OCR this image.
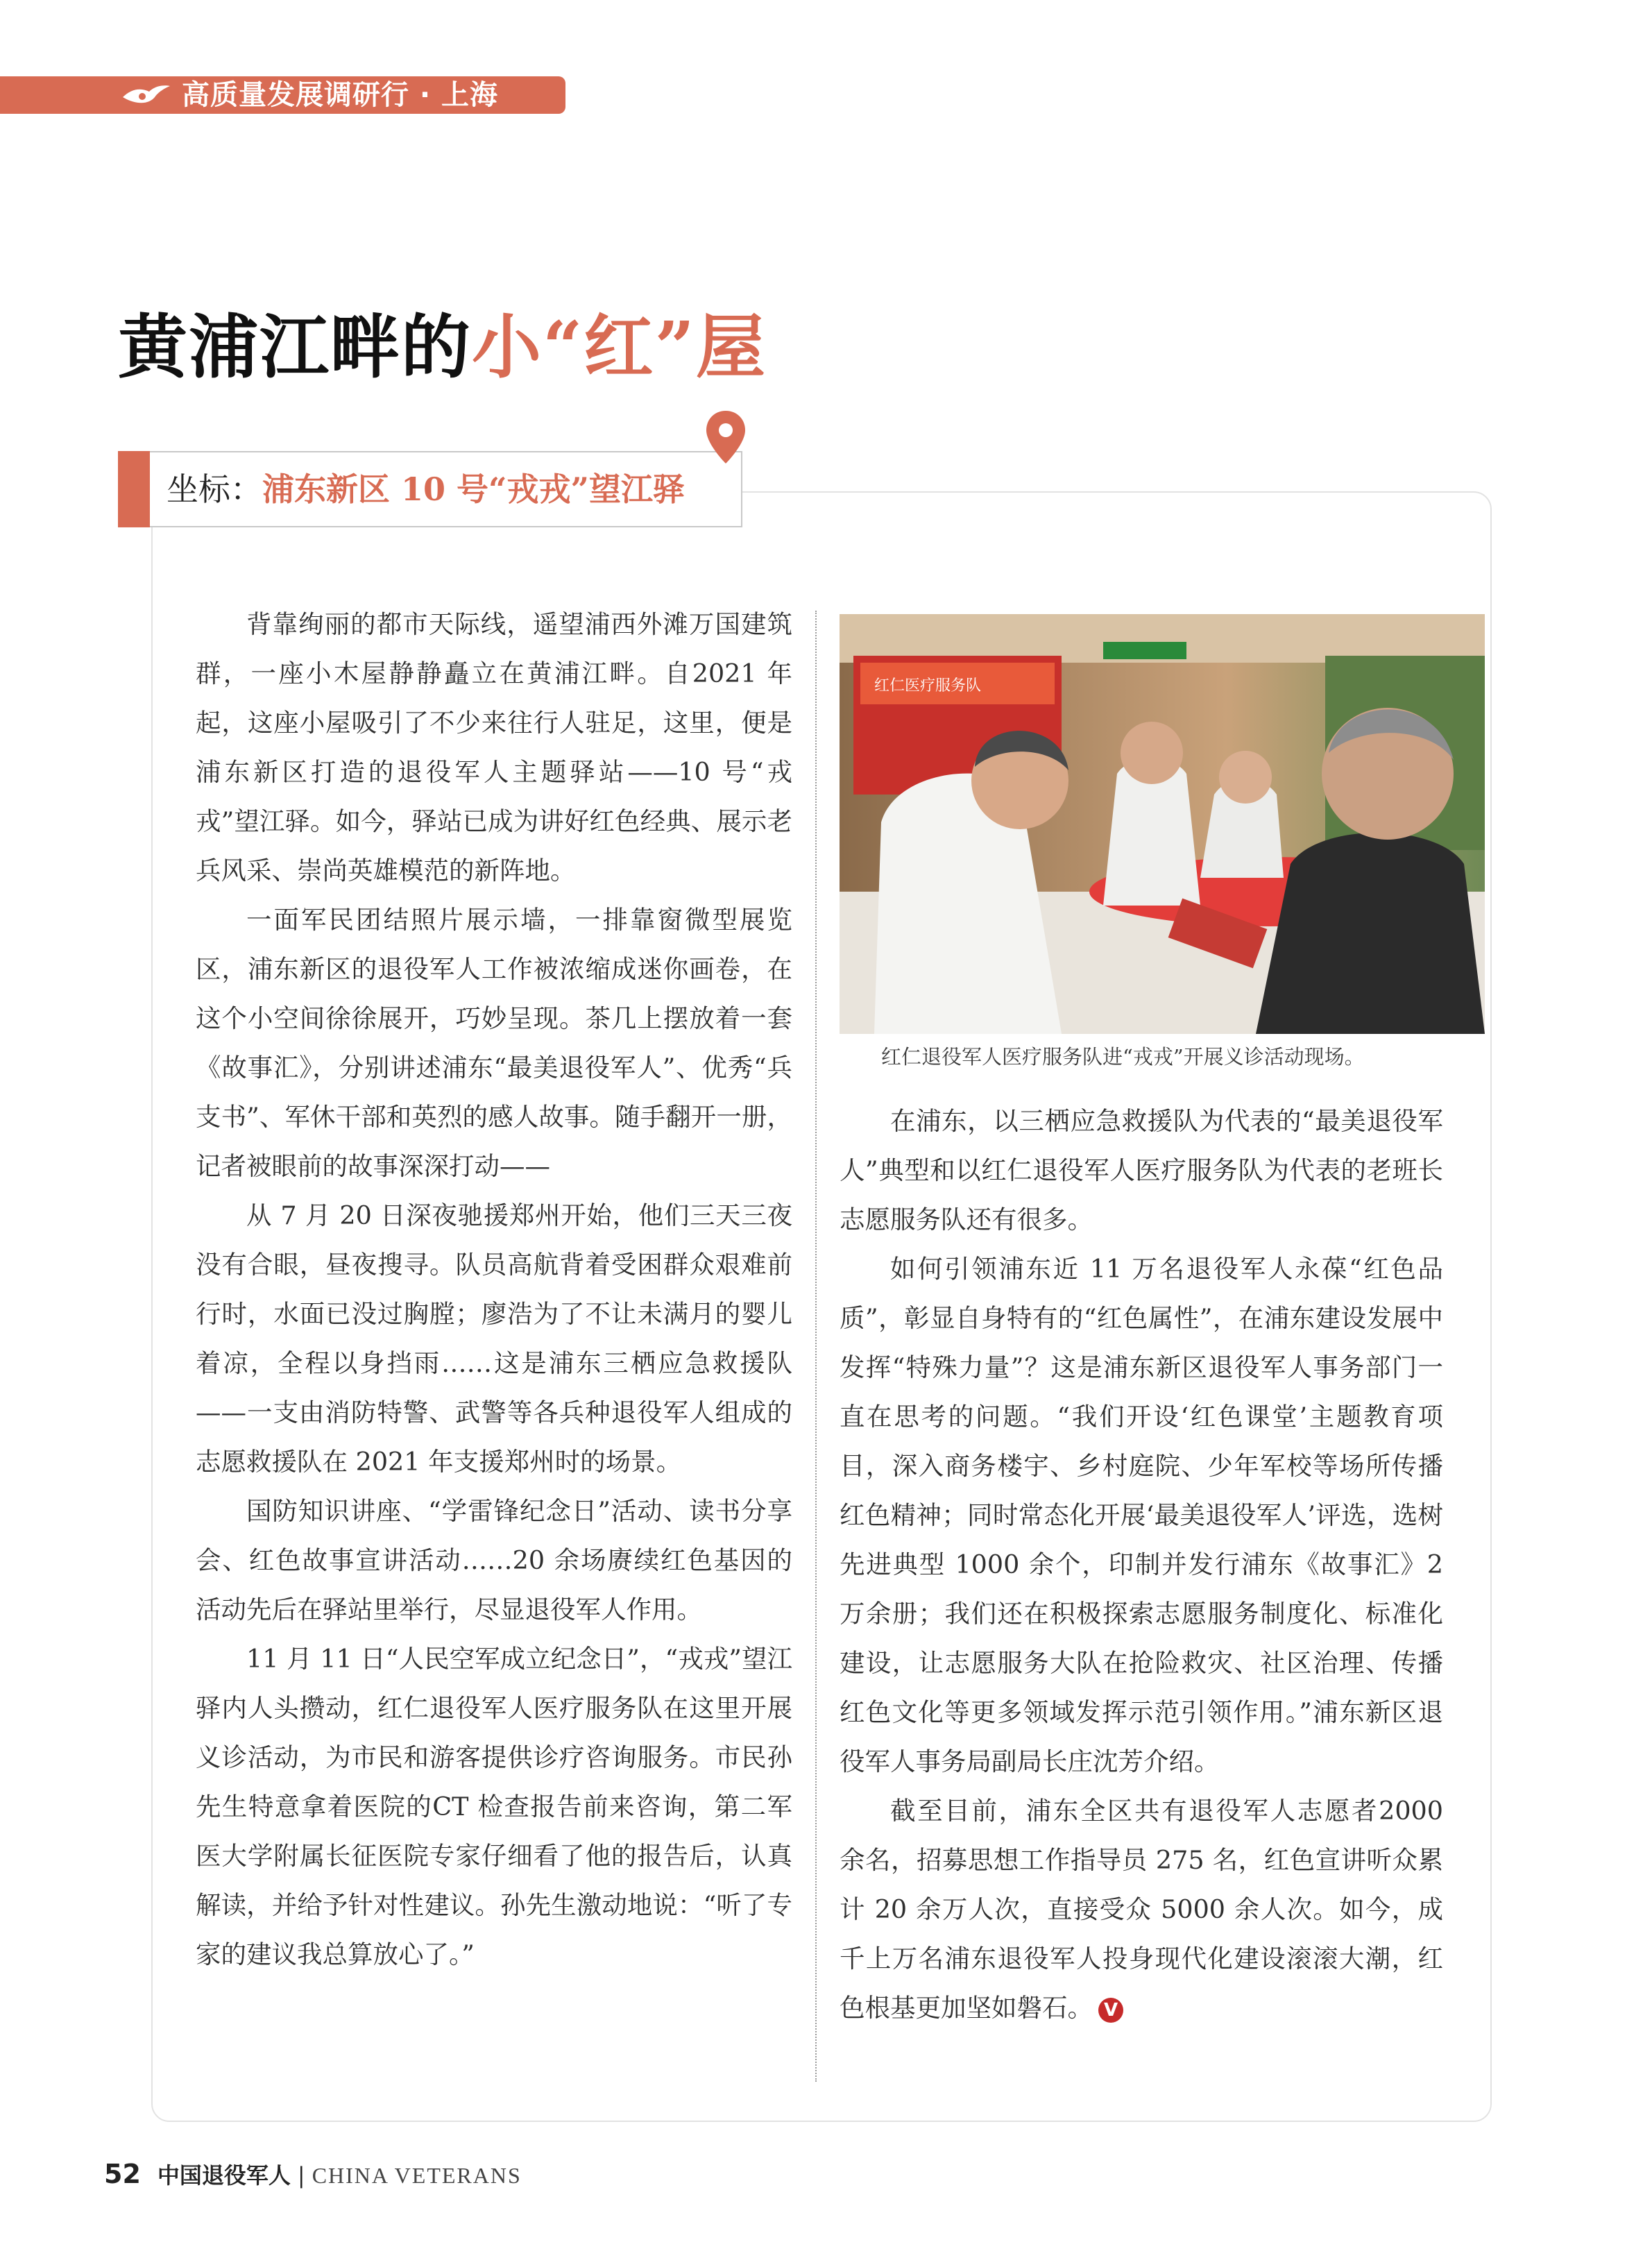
高质量发展调研行 · 上海
黄浦江畔的小“红”屋
坐标：浦东新区 10 号“戎戎”望江驿

背靠绚丽的都市天际线，遥望浦西外滩万国建筑群，一座小木屋静静矗立在黄浦江畔。自2021 年起，这座小屋吸引了不少来往行人驻足，这里，便是浦东新区打造的退役军人主题驿站——10 号“戎戎”望江驿。如今，驿站已成为讲好红色经典、展示老兵风采、崇尚英雄模范的新阵地。

一面军民团结照片展示墙，一排靠窗微型展览区，浦东新区的退役军人工作被浓缩成迷你画卷，在这个小空间徐徐展开，巧妙呈现。茶几上摆放着一套《故事汇》，分别讲述浦东“最美退役军人”、优秀“兵支书”、军休干部和英烈的感人故事。随手翻开一册，记者被眼前的故事深深打动——

从 7 月 20 日深夜驰援郑州开始，他们三天三夜没有合眼，昼夜搜寻。队员高航背着受困群众艰难前行时，水面已没过胸膛；廖浩为了不让未满月的婴儿着凉，全程以身挡雨……这是浦东三栖应急救援队——一支由消防特警、武警等各兵种退役军人组成的志愿救援队在 2021 年支援郑州时的场景。

国防知识讲座、“学雷锋纪念日”活动、读书分享会、红色故事宣讲活动……20 余场赓续红色基因的活动先后在驿站里举行，尽显退役军人作用。

11 月 11 日“人民空军成立纪念日”，“戎戎”望江驿内人头攒动，红仁退役军人医疗服务队在这里开展义诊活动，为市民和游客提供诊疗咨询服务。市民孙先生特意拿着医院的CT 检查报告前来咨询，第二军医大学附属长征医院专家仔细看了他的报告后，认真解读，并给予针对性建议。孙先生激动地说：“听了专家的建议我总算放心了。”

红仁医疗服务队
红仁退役军人医疗服务队进“戎戎”开展义诊活动现场。

在浦东，以三栖应急救援队为代表的“最美退役军人”典型和以红仁退役军人医疗服务队为代表的老班长志愿服务队还有很多。

如何引领浦东近 11 万名退役军人永葆“红色品质”，彰显自身特有的“红色属性”，在浦东建设发展中发挥“特殊力量”？这是浦东新区退役军人事务部门一直在思考的问题。“我们开设‘红色课堂’主题教育项目，深入商务楼宇、乡村庭院、少年军校等场所传播红色精神；同时常态化开展‘最美退役军人’评选，选树先进典型 1000 余个，印制并发行浦东《故事汇》2 万余册；我们还在积极探索志愿服务制度化、标准化建设，让志愿服务大队在抢险救灾、社区治理、传播红色文化等更多领域发挥示范引领作用。”浦东新区退役军人事务局副局长庄沈芳介绍。

截至目前，浦东全区共有退役军人志愿者2000 余名，招募思想工作指导员 275 名，红色宣讲听众累计 20 余万人次，直接受众 5000 余人次。如今，成千上万名浦东退役军人投身现代化建设滚滚大潮，红色根基更加坚如磐石。 V

52 中国退役军人 | CHINA VETERANS
